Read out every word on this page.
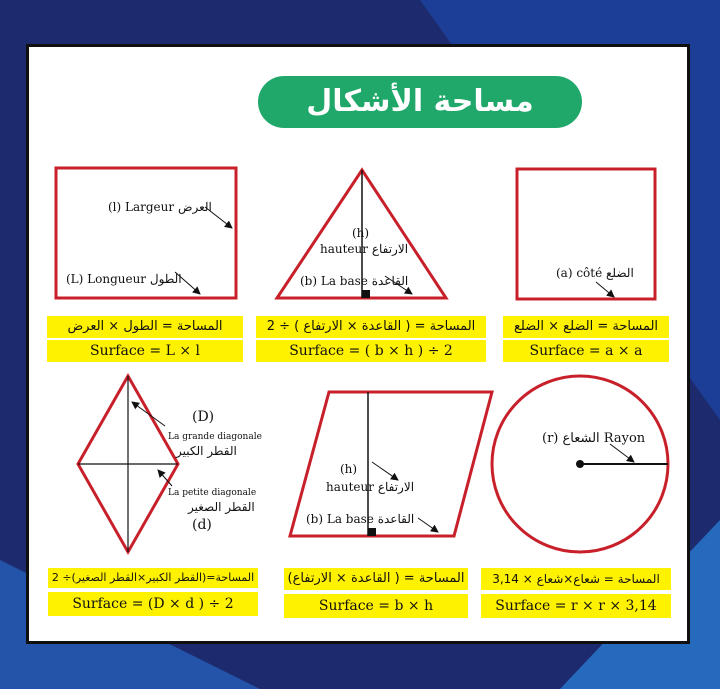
مساحة الأشكال الاعتيادية
(l) Largeur العرض
(L) Longueur الطول
المساحة = الطول × العرض
Surface = L × l
(h)
hauteur الارتفاع
(b) La base القاعدة
المساحة = ( القاعدة × الارتفاع ) ÷ 2
Surface = ( b × h ) ÷ 2
(a) côté الضلع
المساحة = الضلع × الضلع
Surface = a × a
(D)
La grande diagonale
القطر الكبير
La petite diagonale
القطر الصغير
(d)
المساحة=(القطر الكبير×القطر الصغير)÷ 2
Surface = (D × d ) ÷ 2
(h)
hauteur الارتفاع
(b) La base القاعدة
المساحة = ( القاعدة × الارتفاع)
Surface = b × h
(r) الشعاع Rayon
المساحة = شعاع×شعاع × 3,14
Surface = r × r × 3,14
